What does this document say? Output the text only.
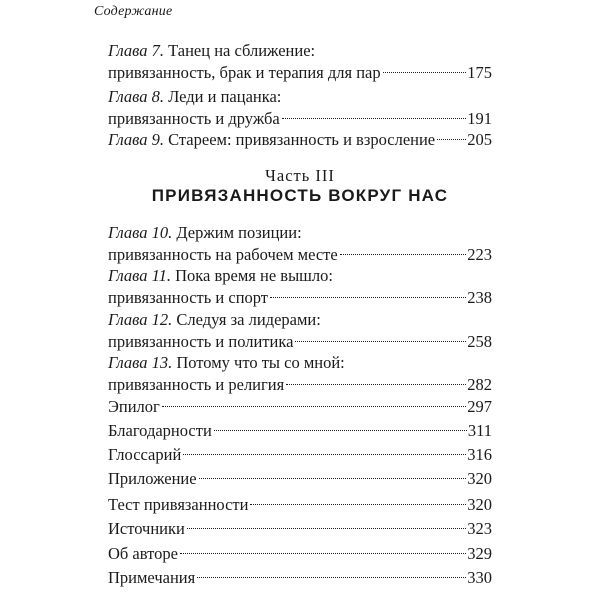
Содержание
Глава 7.
Танец на сближение:
привязанность, брак и терапия для пар	175
Глава 8.
Леди и пацанка:
привязанность и дружба	191
Глава 9.
Стареем: привязанность и взросление 205
Глава 10.
Держим позиции:
привязанность на рабочем месте	223
Глава 11.
Пока время не вышло:
привязанность и спорт	238
Глава 12.
Следуя за лидерами:
привязанность и политика	258
Глава 13.
Потому что ты со мной:
привязанность и религия	282
Эпилог	297
Благодарности	311
Глоссарий	316
Приложение	320
Тест привязанности	320
Источники	323
Об авторе	329
Примечания	330
Часть III
ПРИВЯЗАННОСТЬ ВОКРУГ НАС
